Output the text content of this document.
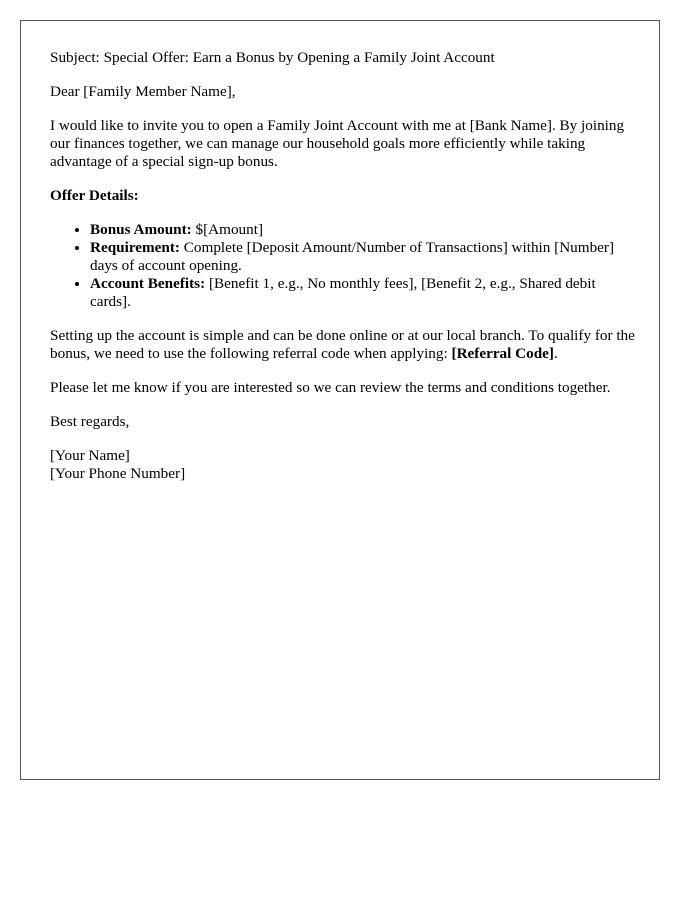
Subject: Special Offer: Earn a Bonus by Opening a Family Joint Account

Dear [Family Member Name],

I would like to invite you to open a Family Joint Account with me at [Bank Name]. By joining our finances together, we can manage our household goals more efficiently while taking advantage of a special sign-up bonus.

Offer Details:

• Bonus Amount: $[Amount]
• Requirement: Complete [Deposit Amount/Number of Transactions] within [Number] days of account opening.
• Account Benefits: [Benefit 1, e.g., No monthly fees], [Benefit 2, e.g., Shared debit cards].

Setting up the account is simple and can be done online or at our local branch. To qualify for the bonus, we need to use the following referral code when applying: [Referral Code].

Please let me know if you are interested so we can review the terms and conditions together.

Best regards,

[Your Name]

[Your Phone Number]
